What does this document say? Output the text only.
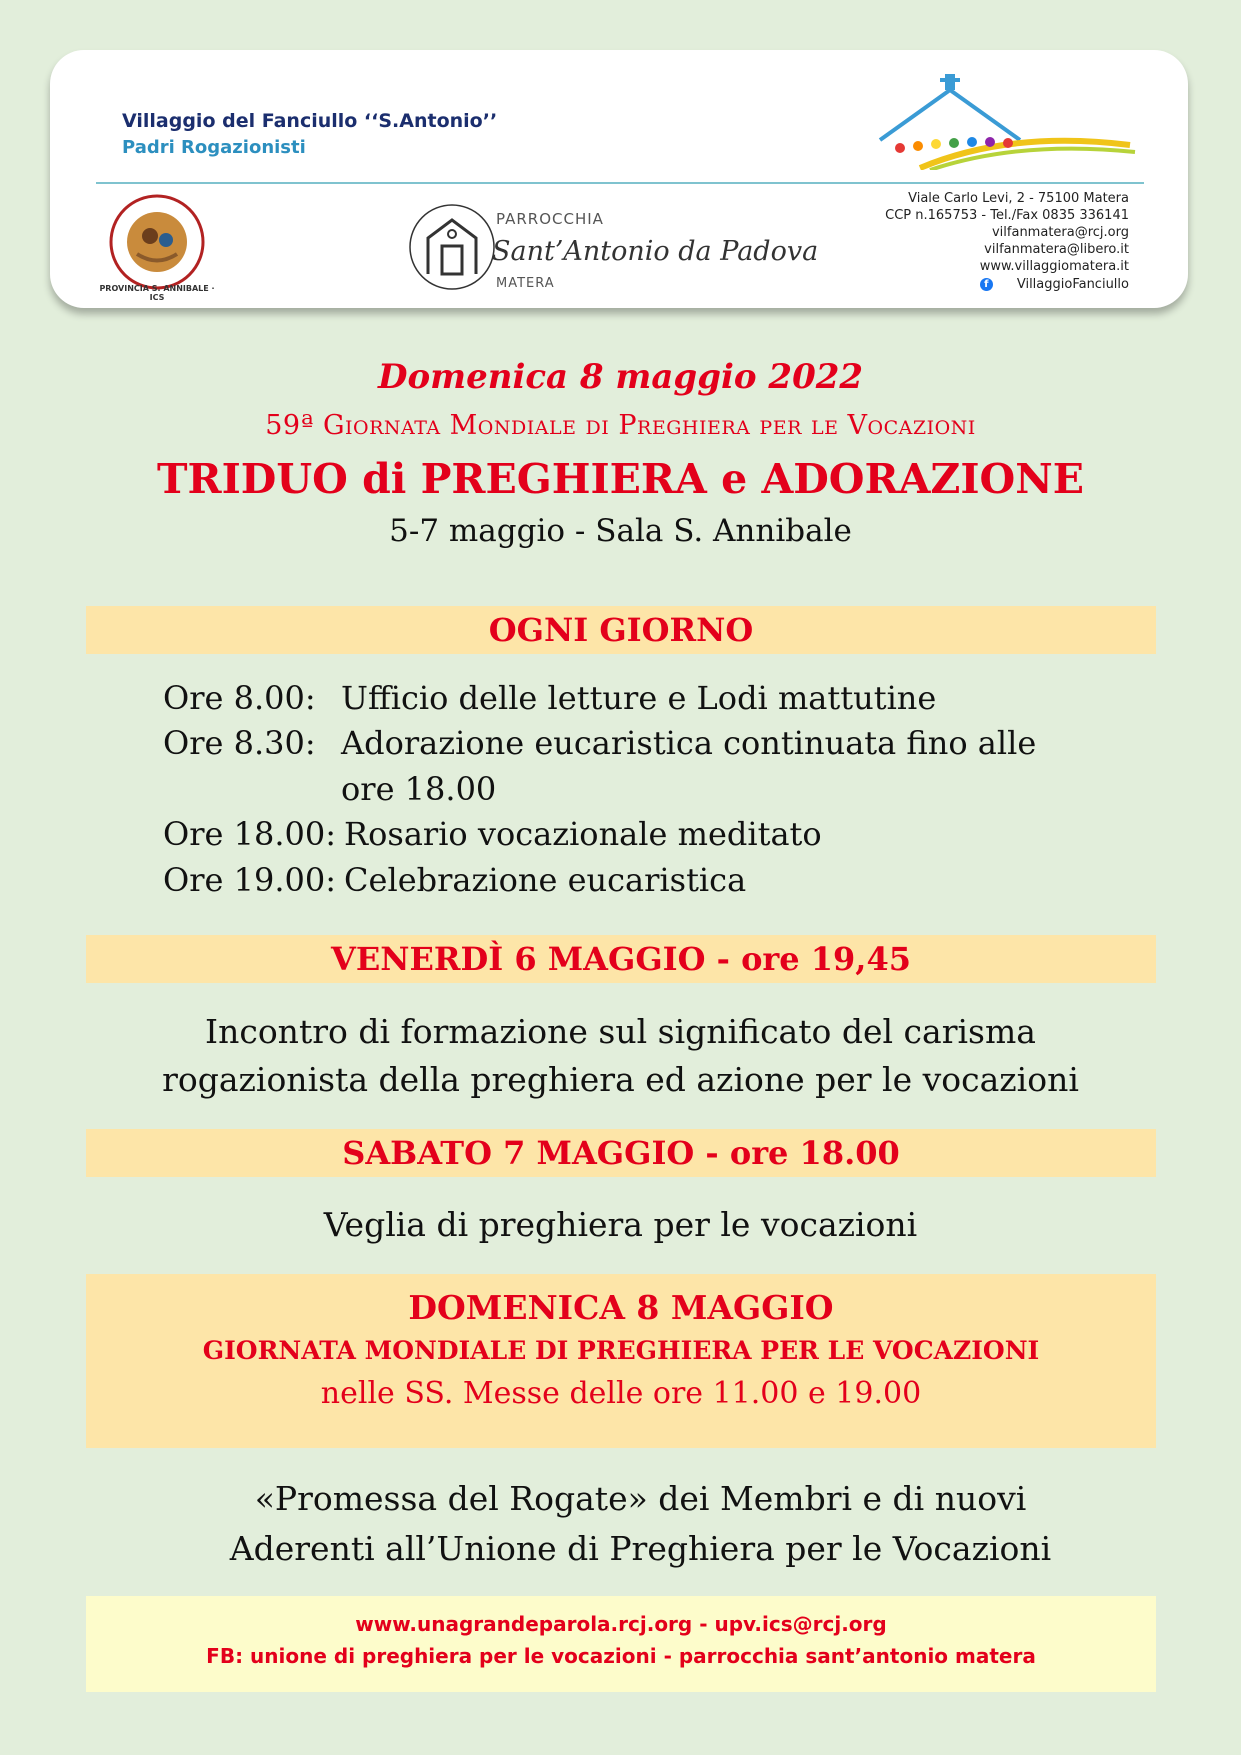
Villaggio del Fanciullo ‘‘S.Antonio’’
Padri Rogazionisti
PROVINCIA S. ANNIBALE · ICS
PARROCCHIA
Sant’Antonio da Padova
MATERA
Viale Carlo Levi, 2 - 75100 Matera
CCP n.165753 - Tel./Fax 0835 336141
vilfanmatera@rcj.org
vilfanmatera@libero.it
www.villaggiomatera.it
f	VillaggioFanciullo
Domenica 8 maggio 2022
59ª Giornata Mondiale di Preghiera per le Vocazioni
TRIDUO di PREGHIERA e ADORAZIONE
5-7 maggio - Sala S. Annibale
OGNI GIORNO
Ore 8.00: Ufficio delle letture e Lodi mattutine
Ore 8.30: Adorazione eucaristica continuata fino alle
ore 18.00
Ore 18.00: Rosario vocazionale meditato
Ore 19.00: Celebrazione eucaristica
VENERDÌ 6 MAGGIO - ore 19,45
Incontro di formazione sul significato del carisma
rogazionista della preghiera ed azione per le vocazioni
SABATO 7 MAGGIO - ore 18.00
Veglia di preghiera per le vocazioni
DOMENICA 8 MAGGIO
GIORNATA MONDIALE DI PREGHIERA PER LE VOCAZIONI
nelle SS. Messe delle ore 11.00 e 19.00
«Promessa del Rogate» dei Membri e di nuovi
Aderenti all’Unione di Preghiera per le Vocazioni
www.unagrandeparola.rcj.org - upv.ics@rcj.org
FB: unione di preghiera per le vocazioni - parrocchia sant’antonio matera
